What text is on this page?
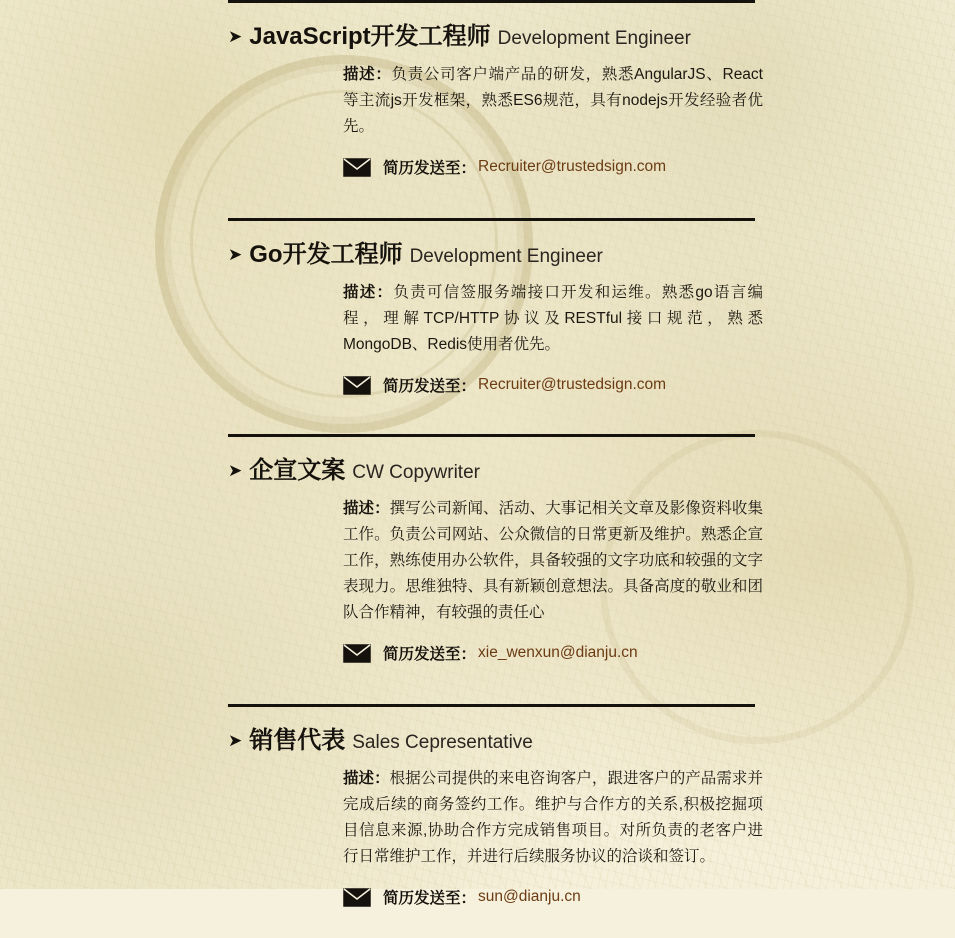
➤ JavaScript开发工程师 Development Engineer
描述：负责公司客户端产品的研发，熟悉AngularJS、React等主流js开发框架，熟悉ES6规范，具有nodejs开发经验者优先。
简历发送至： Recruiter@trustedsign.com
➤ Go开发工程师 Development Engineer
描述：负责可信签服务端接口开发和运维。熟悉go语言编程，理解TCP/HTTP协议及RESTful接口规范，熟悉MongoDB、Redis使用者优先。
简历发送至： Recruiter@trustedsign.com
➤ 企宣文案 CW Copywriter
描述：撰写公司新闻、活动、大事记相关文章及影像资料收集工作。负责公司网站、公众微信的日常更新及维护。熟悉企宣工作，熟练使用办公软件，具备较强的文字功底和较强的文字表现力。思维独特、具有新颖创意想法。具备高度的敬业和团队合作精神，有较强的责任心
简历发送至： xie_wenxun@dianju.cn
➤ 销售代表 Sales Cepresentative
描述：根据公司提供的来电咨询客户，跟进客户的产品需求并完成后续的商务签约工作。维护与合作方的关系,积极挖掘项目信息来源,协助合作方完成销售项目。对所负责的老客户进行日常维护工作，并进行后续服务协议的洽谈和签订。
简历发送至： sun@dianju.cn
